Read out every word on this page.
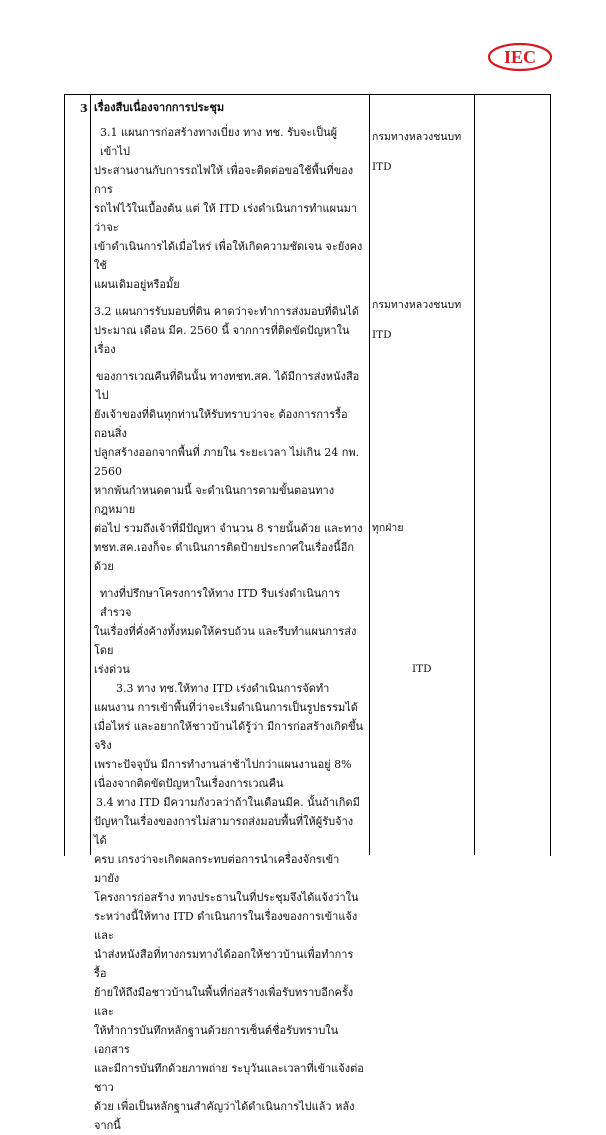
IEC
3 เรื่องสืบเนื่องจากการประชุม

3.1 แผนการก่อสร้างทางเบี่ยง ทาง ทช. รับจะเป็นผู้เข้าไป

ประสานงานกับการรถไฟให้ เพื่อจะติดต่อขอใช้พื้นที่ของการ

รถไฟไว้ในเบื้องต้น แต่ ให้ ITD เร่งดำเนินการทำแผนมาว่าจะ

เข้าดำเนินการได้เมื่อไหร่ เพื่อให้เกิดความชัดเจน จะยังคงใช้

แผนเดิมอยู่หรือมั้ย

3.2 แผนการรับมอบที่ดิน คาดว่าจะทำการส่งมอบที่ดินได้

ประมาณ เดือน มีค. 2560 นี้ จากการที่ติดขัดปัญหาในเรื่อง

ของการเวณคืนที่ดินนั้น ทางทชท.สค. ได้มีการส่งหนังสือไป

ยังเจ้าของที่ดินทุกท่านให้รับทราบว่าจะ ต้องการการรื้อถอนสิ่ง

ปลูกสร้างออกจากพื้นที่ ภายใน ระยะเวลา ไม่เกิน 24 กพ. 2560

หากพ้นกำหนดตามนี้ จะดำเนินการตามขั้นตอนทางกฎหมาย

ต่อไป รวมถึงเจ้าที่มีปัญหา จำนวน 8 รายนั้นด้วย และทาง

ทชท.สค.เองก็จะ ดำเนินการติดป้ายประกาศในเรื่องนี้อีกด้วย

ทางที่ปรึกษาโครงการให้ทาง ITD รีบเร่งดำเนินการสำรวจ

ในเรื่องที่คั่งค้างทั้งหมดให้ครบถ้วน และรีบทำแผนการส่งโดย

เร่งด่วน

3.3 ทาง ทช.ให้ทาง ITD เร่งดำเนินการจัดทำ

แผนงาน การเข้าพื้นที่ว่าจะเริ่มดำเนินการเป็นรูปธรรมได้

เมื่อไหร่ และอยากให้ชาวบ้านได้รู้ว่า มีการก่อสร้างเกิดขึ้นจริง

เพราะปัจจุบัน มีการทำงานล่าช้าไปกว่าแผนงานอยู่ 8%

เนื่องจากติดขัดปัญหาในเรื่องการเวณคืน

3.4 ทาง ITD มีความกังวลว่าถ้าในเดือนมีค. นั้นถ้าเกิดมี

ปัญหาในเรื่องของการไม่สามารถส่งมอบพื้นที่ให้ผู้รับจ้างได้

ครบ เกรงว่าจะเกิดผลกระทบต่อการนำเครื่องจักรเข้ามายัง

โครงการก่อสร้าง ทางประธานในที่ประชุมจึงได้แจ้งว่าใน

ระหว่างนี้ให้ทาง ITD ดำเนินการในเรื่องของการเข้าแจ้งและ

นำส่งหนังสือที่ทางกรมทางได้ออกให้ชาวบ้านเพื่อทำการรื้อ

ย้ายให้ถึงมือชาวบ้านในพื้นที่ก่อสร้างเพื่อรับทราบอีกครั้ง และ

ให้ทำการบันทึกหลักฐานด้วยการเซ็นต์ชื่อรับทราบในเอกสาร

และมีการบันทึกด้วยภาพถ่าย ระบุวันและเวลาที่เข้าแจ้งต่อชาว

ด้วย เพื่อเป็นหลักฐานสำคัญว่าได้ดำเนินการไปแล้ว หลังจากนี้

กรมทางหลวงชนบท
ITD
กรมทางหลวงชนบท
ITD
ทุกฝ่าย
ITD
